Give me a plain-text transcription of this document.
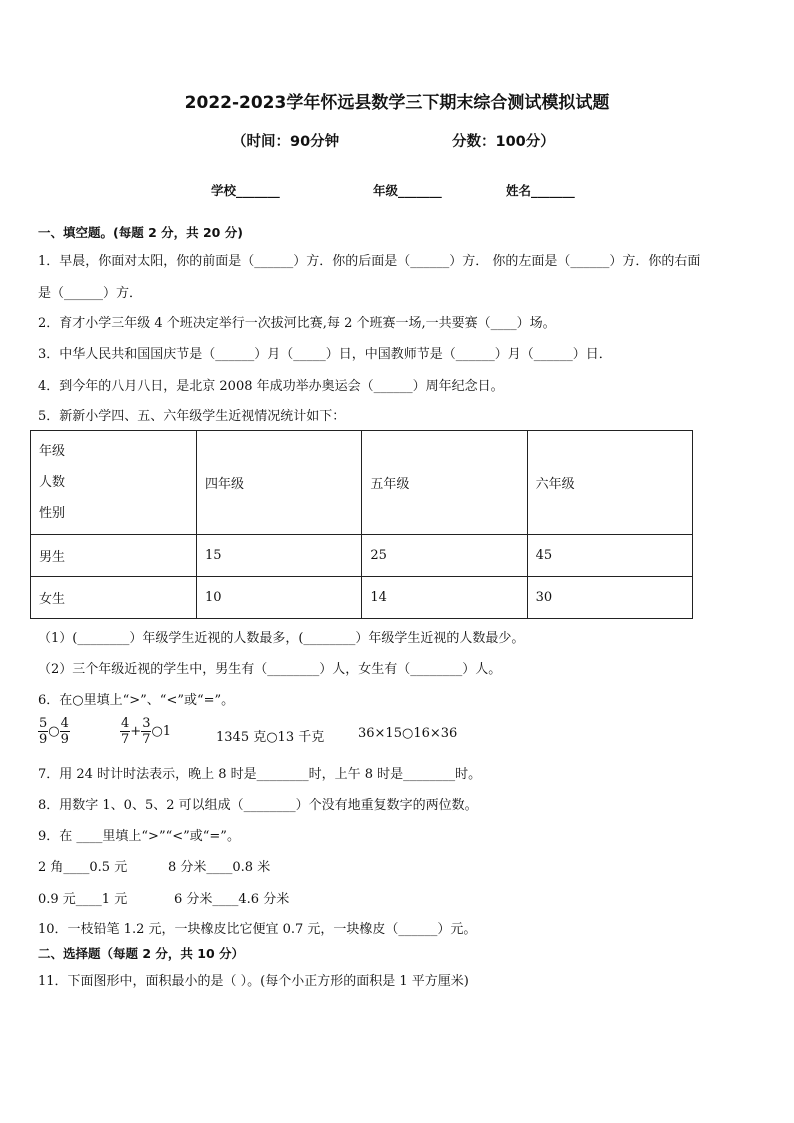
2022-2023学年怀远县数学三下期末综合测试模拟试题
（时间：90分钟	分数：100分）
学校_______	年级_______	姓名_______
一、填空题。(每题 2 分，共 20 分)
1．早晨，你面对太阳，你的前面是（______）方．你的后面是（______）方． 你的左面是（______）方．你的右面
是（______）方．
2．育才小学三年级 4 个班决定举行一次拔河比赛,每 2 个班赛一场,一共要赛（____）场。
3．中华人民共和国国庆节是（______）月（_____）日，中国教师节是（______）月（______）日．
4．到今年的八月八日，是北京 2008 年成功举办奥运会（______）周年纪念日。
5．新新小学四、五、六年级学生近视情况统计如下：
年级
人数
性别	四年级	五年级	六年级
男生	15	25	45
女生	10	14	30
（1）(________）年级学生近视的人数最多，(________）年级学生近视的人数最少。
（2）三个年级近视的学生中，男生有（________）人，女生有（________）人。
6．在○里填上“>”、“<”或“=”。
$\frac{5}{9}$ ○ $\frac{4}{9}$	$\frac{4}{7} + \frac{3}{7}$ ○1	1345 克○13 千克	36×15○16×36
7．用 24 时计时法表示，晚上 8 时是________时，上午 8 时是________时。
8．用数字 1、0、5、2 可以组成（________）个没有地重复数字的两位数。
9．在 ____里填上“>”“<”或“=”。
2 角____0.5 元	8 分米____0.8 米
0.9 元____1 元	6 分米____4.6 分米
10．一枝铅笔 1.2 元，一块橡皮比它便宜 0.7 元，一块橡皮（______）元。
二、选择题（每题 2 分，共 10 分）
11．下面图形中，面积最小的是（ ）。(每个小正方形的面积是 1 平方厘米)
